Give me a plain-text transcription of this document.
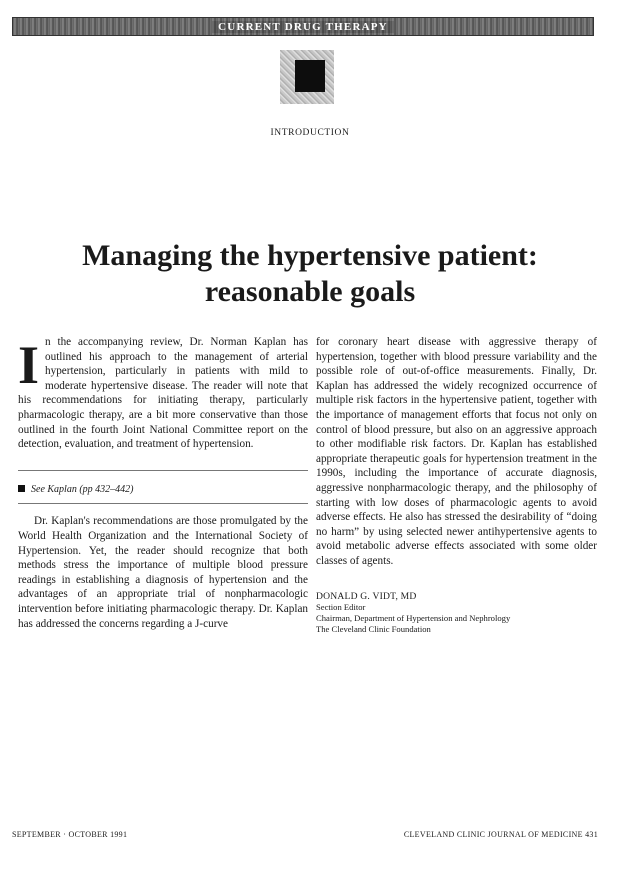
CURRENT DRUG THERAPY
INTRODUCTION
Managing the hypertensive patient:
reasonable goals

In the accompanying review, Dr. Norman Kaplan has outlined his approach to the management of arterial hypertension, particularly in patients with mild to moderate hypertensive disease. The reader will note that his recommendations for initiating therapy, particularly pharmacologic therapy, are a bit more conservative than those outlined in the fourth Joint National Committee report on the detection, evaluation, and treatment of hypertension.

See Kaplan (pp 432–442)

Dr. Kaplan's recommendations are those promulgated by the World Health Organization and the International Society of Hypertension. Yet, the reader should recognize that both methods stress the importance of multiple blood pressure readings in establishing a diagnosis of hypertension and the advantages of an appropriate trial of nonpharmacologic intervention before initiating pharmacologic therapy. Dr. Kaplan has addressed the concerns regarding a J-curve

for coronary heart disease with aggressive therapy of hypertension, together with blood pressure variability and the possible role of out-of-office measurements. Finally, Dr. Kaplan has addressed the widely recognized occurrence of multiple risk factors in the hypertensive patient, together with the importance of management efforts that focus not only on control of blood pressure, but also on an aggressive approach to other modifiable risk factors. Dr. Kaplan has established appropriate therapeutic goals for hypertension treatment in the 1990s, including the importance of accurate diagnosis, aggressive nonpharmacologic therapy, and the philosophy of starting with low doses of pharmacologic agents to avoid adverse effects. He also has stressed the desirability of “doing no harm” by using selected newer antihypertensive agents to avoid metabolic adverse effects associated with some older classes of agents.

DONALD G. VIDT, MD
Section Editor
Chairman, Department of Hypertension and Nephrology
The Cleveland Clinic Foundation
SEPTEMBER · OCTOBER 1991	CLEVELAND CLINIC JOURNAL OF MEDICINE 431
